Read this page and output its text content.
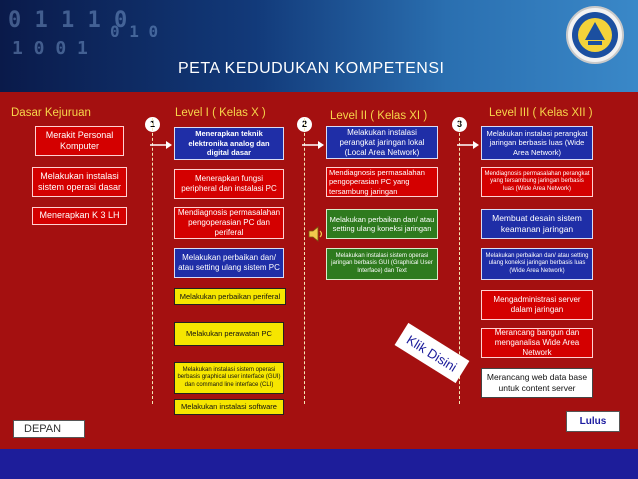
0 1 1 1 0
1 0 0 1
0 1 0
PETA KEDUDUKAN KOMPETENSI
Dasar Kejuruan	Level I ( Kelas X )	Level II ( Kelas XI )	Level III ( Kelas XII )
1	2	3
Merakit Personal Komputer
Melakukan instalasi sistem operasi dasar
Menerapkan K 3 LH
Menerapkan teknik elektronika analog dan digital dasar
Menerapkan fungsi peripheral dan instalasi PC
Mendiagnosis permasalahan pengoperasian PC dan periferal
Melakukan perbaikan dan/ atau setting ulang sistem PC
Melakukan perbaikan periferal
Melakukan perawatan PC
Melakukan instalasi sistem operasi berbasis graphical user interface (GUI) dan command line interface (CLI)
Melakukan instalasi software
Melakukan instalasi perangkat jaringan lokal (Local Area Network)
Mendiagnosis permasalahan pengoperasian PC yang tersambung jaringan
Melakukan perbaikan dan/ atau setting ulang koneksi jaringan
Melakukan instalasi sistem operasi jaringan berbasis GUI (Graphical User Interface) dan Text
Melakukan instalasi perangkat jaringan berbasis luas (Wide Area Network)
Mendiagnosis permasalahan perangkat yang tersambung jaringan berbasis luas (Wide Area Network)
Membuat desain sistem keamanan jaringan
Melakukan perbaikan dan/ atau setting ulang koneksi jaringan berbasis luas (Wide Area Network)
Mengadministrasi server dalam jaringan
Merancang bangun dan menganalisa Wide Area Network
Merancang web data base untuk content server
Klik Disini
DEPAN
Lulus
